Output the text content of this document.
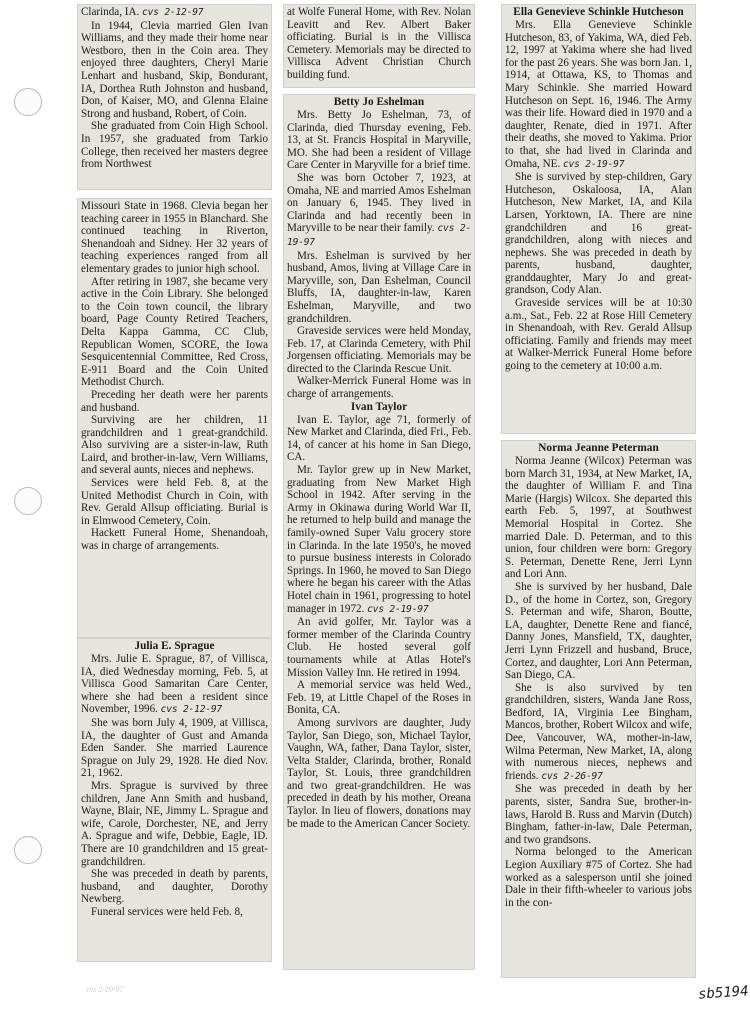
Clarinda, IA. cvs 2-12-97

In 1944, Clevia married Glen Ivan Williams, and they made their home near Westboro, then in the Coin area. They enjoyed three daughters, Cheryl Marie Lenhart and husband, Skip, Bondurant, IA, Dorthea Ruth Johnston and husband, Don, of Kaiser, MO, and Glenna Elaine Strong and husband, Robert, of Coin.

She graduated from Coin High School. In 1957, she graduated from Tarkio College, then received her masters degree from Northwest

Missouri State in 1968. Clevia began her teaching career in 1955 in Blanchard. She continued teaching in Riverton, Shenandoah and Sidney. Her 32 years of teaching experiences ranged from all elementary grades to junior high school.

After retiring in 1987, she became very active in the Coin Library. She belonged to the Coin town council, the library board, Page County Retired Teachers, Delta Kappa Gamma, CC Club, Republican Women, SCORE, the Iowa Sesquicentennial Committee, Red Cross, E-911 Board and the Coin United Methodist Church.

Preceding her death were her parents and husband.

Surviving are her children, 11 grandchildren and 1 great-grandchild. Also surviving are a sister-in-law, Ruth Laird, and brother-in-law, Vern Williams, and several aunts, nieces and nephews.

Services were held Feb. 8, at the United Methodist Church in Coin, with Rev. Gerald Allsup officiating. Burial is in Elmwood Cemetery, Coin.

Hackett Funeral Home, Shenandoah, was in charge of arrangements.

Julia E. Sprague

Mrs. Julie E. Sprague, 87, of Villisca, IA, died Wednesday morning, Feb. 5, at Villisca Good Samaritan Care Center, where she had been a resident since November, 1996. cvs 2-12-97

She was born July 4, 1909, at Villisca, IA, the daughter of Gust and Amanda Eden Sander. She married Laurence Sprague on July 29, 1928. He died Nov. 21, 1962.

Mrs. Sprague is survived by three children, Jane Ann Smith and husband, Wayne, Blair, NE, Jimmy L. Sprague and wife, Carole, Dorchester, NE, and Jerry A. Sprague and wife, Debbie, Eagle, ID. There are 10 grandchildren and 15 great-grandchildren.

She was preceded in death by parents, husband, and daughter, Dorothy Newberg.

Funeral services were held Feb. 8,

at Wolfe Funeral Home, with Rev. Nolan Leavitt and Rev. Albert Baker officiating. Burial is in the Villisca Cemetery. Memorials may be directed to Villisca Advent Christian Church building fund.

Betty Jo Eshelman

Mrs. Betty Jo Eshelman, 73, of Clarinda, died Thursday evening, Feb. 13, at St. Francis Hospital in Maryville, MO. She had been a resident of Village Care Center in Maryville for a brief time.

She was born October 7, 1923, at Omaha, NE and married Amos Eshelman on January 6, 1945. They lived in Clarinda and had recently been in Maryville to be near their family. cvs 2-19-97

Mrs. Eshelman is survived by her husband, Amos, living at Village Care in Maryville, son, Dan Eshelman, Council Bluffs, IA, daughter-in-law, Karen Eshelman, Maryville, and two grandchildren.

Graveside services were held Monday, Feb. 17, at Clarinda Cemetery, with Phil Jorgensen officiating. Memorials may be directed to the Clarinda Rescue Unit.

Walker-Merrick Funeral Home was in charge of arrangements.

Ivan Taylor

Ivan E. Taylor, age 71, formerly of New Market and Clarinda, died Fri., Feb. 14, of cancer at his home in San Diego, CA.

Mr. Taylor grew up in New Market, graduating from New Market High School in 1942. After serving in the Army in Okinawa during World War II, he returned to help build and manage the family-owned Super Valu grocery store in Clarinda. In the late 1950's, he moved to pursue business interests in Colorado Springs. In 1960, he moved to San Diego where he began his career with the Atlas Hotel chain in 1961, progressing to hotel manager in 1972. cvs 2-19-97

An avid golfer, Mr. Taylor was a former member of the Clarinda Country Club. He hosted several golf tournaments while at Atlas Hotel's Mission Valley Inn. He retired in 1994.

A memorial service was held Wed., Feb. 19, at Little Chapel of the Roses in Bonita, CA.

Among survivors are daughter, Judy Taylor, San Diego, son, Michael Taylor, Vaughn, WA, father, Dana Taylor, sister, Velta Stalder, Clarinda, brother, Ronald Taylor, St. Louis, three grandchildren and two great-grandchildren. He was preceded in death by his mother, Oreana Taylor. In lieu of flowers, donations may be made to the American Cancer Society.

Ella Genevieve Schinkle Hutcheson

Mrs. Ella Genevieve Schinkle Hutcheson, 83, of Yakima, WA, died Feb. 12, 1997 at Yakima where she had lived for the past 26 years. She was born Jan. 1, 1914, at Ottawa, KS, to Thomas and Mary Schinkle. She married Howard Hutcheson on Sept. 16, 1946. The Army was their life. Howard died in 1970 and a daughter, Renate, died in 1971. After their deaths, she moved to Yakima. Prior to that, she had lived in Clarinda and Omaha, NE. cvs 2-19-97

She is survived by step-children, Gary Hutcheson, Oskaloosa, IA, Alan Hutcheson, New Market, IA, and Kila Larsen, Yorktown, IA. There are nine grandchildren and 16 great-grandchildren, along with nieces and nephews. She was preceded in death by parents, husband, daughter, granddaughter, Mary Jo and great-grandson, Cody Alan.

Graveside services will be at 10:30 a.m., Sat., Feb. 22 at Rose Hill Cemetery in Shenandoah, with Rev. Gerald Allsup officiating. Family and friends may meet at Walker-Merrick Funeral Home before going to the cemetery at 10:00 a.m.

Norma Jeanne Peterman

Norma Jeanne (Wilcox) Peterman was born March 31, 1934, at New Market, IA, the daughter of William F. and Tina Marie (Hargis) Wilcox. She departed this earth Feb. 5, 1997, at Southwest Memorial Hospital in Cortez. She married Dale. D. Peterman, and to this union, four children were born: Gregory S. Peterman, Denette Rene, Jerri Lynn and Lori Ann.

She is survived by her husband, Dale D., of the home in Cortez, son, Gregory S. Peterman and wife, Sharon, Boutte, LA, daughter, Denette Rene and fiancé, Danny Jones, Mansfield, TX, daughter, Jerri Lynn Frizzell and husband, Bruce, Cortez, and daughter, Lori Ann Peterman, San Diego, CA.

She is also survived by ten grandchildren, sisters, Wanda Jane Ross, Bedford, IA, Virginia Lee Bingham, Mancos, brother, Robert Wilcox and wife, Dee, Vancouver, WA, mother-in-law, Wilma Peterman, New Market, IA, along with numerous nieces, nephews and friends. cvs 2-26-97

She was preceded in death by her parents, sister, Sandra Sue, brother-in-laws, Harold B. Russ and Marvin (Dutch) Bingham, father-in-law, Dale Peterman, and two grandsons.

Norma belonged to the American Legion Auxiliary #75 of Cortez. She had worked as a salesperson until she joined Dale in their fifth-wheeler to various jobs in the con-

sb5194
cvs 2-19-97
